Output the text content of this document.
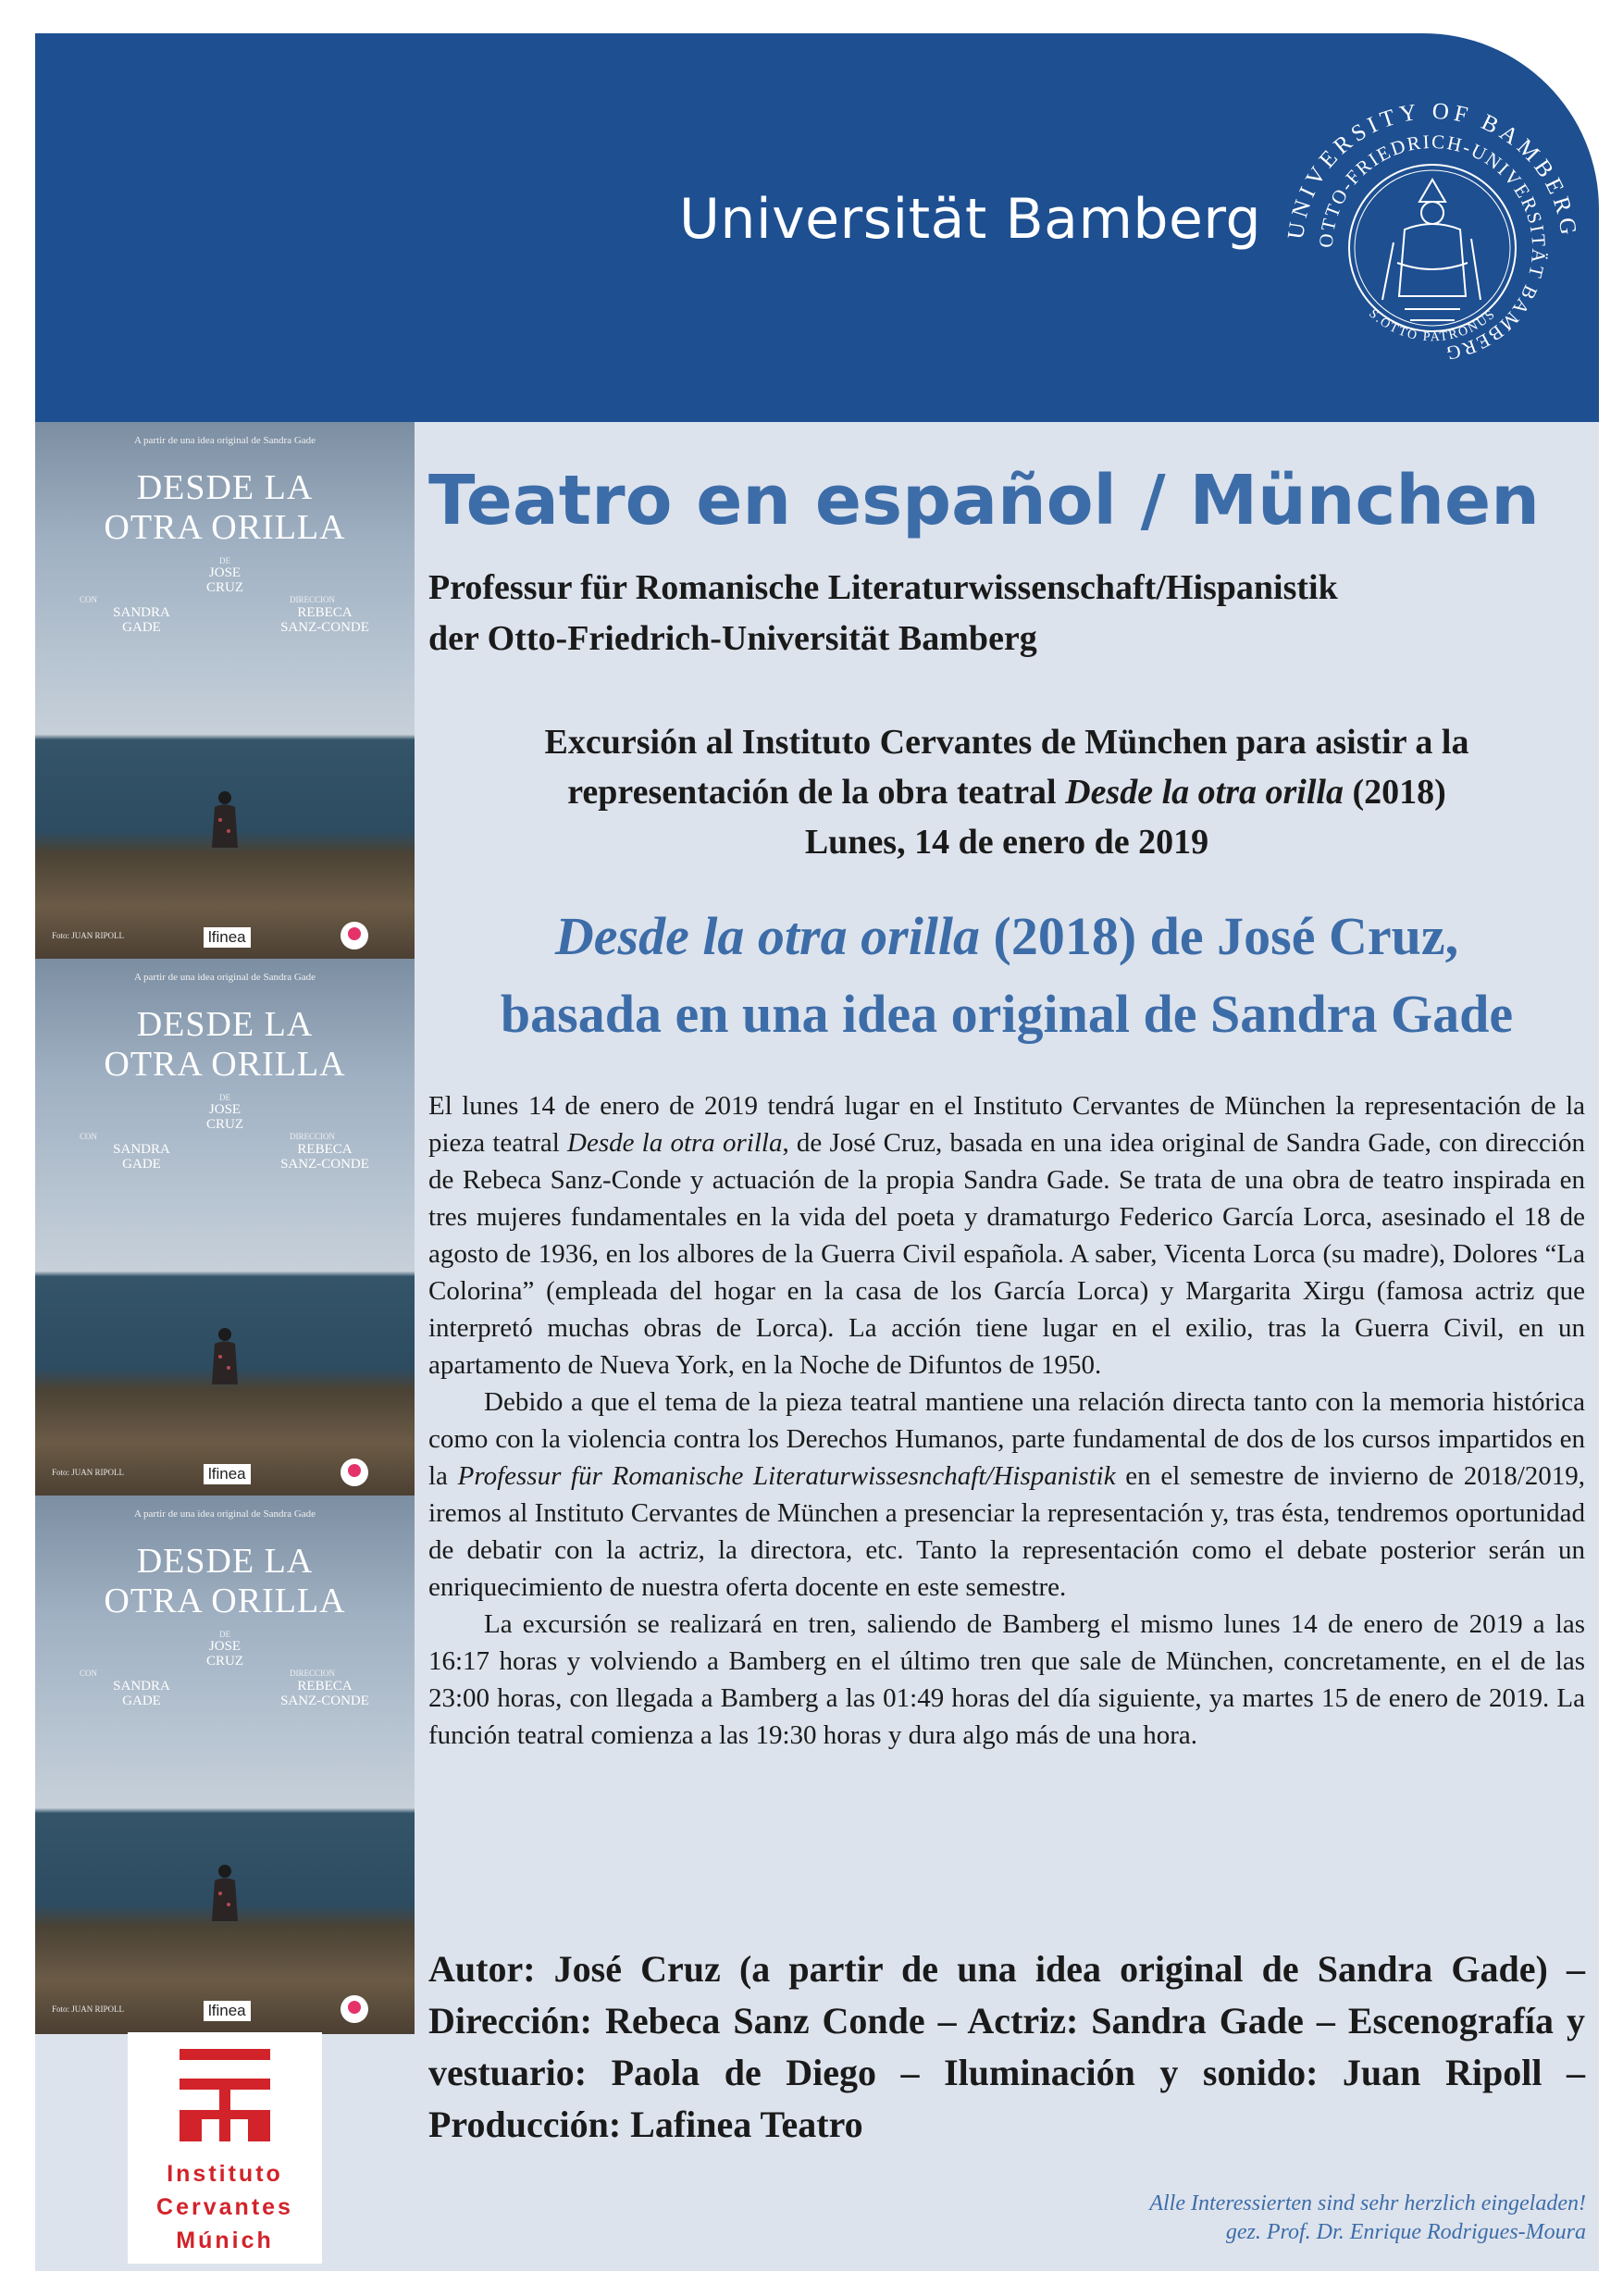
Universität Bamberg UNIVERSITY OF BAMBERG
OTTO-FRIEDRICH-UNIVERSITÄT BAMBERG
S.OTTO PATRONUS
A partir de una idea original de Sandra Gade
DESDE LA
OTRA ORILLA
DE
JOSE
CRUZ
CON
SANDRA
GADE
DIRECCION
REBECA
SANZ-CONDE
Foto: JUAN RIPOLL	lfinea
A partir de una idea original de Sandra Gade
DESDE LA
OTRA ORILLA
DE
JOSE
CRUZ
CON
SANDRA
GADE
DIRECCION
REBECA
SANZ-CONDE
Foto: JUAN RIPOLL	lfinea
A partir de una idea original de Sandra Gade
DESDE LA
OTRA ORILLA
DE
JOSE
CRUZ
CON
SANDRA
GADE
DIRECCION
REBECA
SANZ-CONDE
Foto: JUAN RIPOLL	lfinea
Instituto
Cervantes
Múnich
Teatro en español / München
Professur für Romanische Literaturwissenschaft/Hispanistik
der Otto-Friedrich-Universität Bamberg
Excursión al Instituto Cervantes de München para asistir a la
representación de la obra teatral Desde la otra orilla (2018)
Lunes, 14 de enero de 2019
Desde la otra orilla (2018) de José Cruz,
basada en una idea original de Sandra Gade

El lunes 14 de enero de 2019 tendrá lugar en el Instituto Cervantes de München la representación de la pieza teatral Desde la otra orilla, de José Cruz, basada en una idea original de Sandra Gade, con dirección de Rebeca Sanz-Conde y actuación de la propia Sandra Gade. Se trata de una obra de teatro inspirada en tres mujeres fundamentales en la vida del poeta y dramaturgo Federico García Lorca, asesinado el 18 de agosto de 1936, en los albores de la Guerra Civil española. A saber, Vicenta Lorca (su madre), Dolores “La Colorina” (empleada del hogar en la casa de los García Lorca) y Margarita Xirgu (famosa actriz que interpretó muchas obras de Lorca). La acción tiene lugar en el exilio, tras la Guerra Civil, en un apartamento de Nueva York, en la Noche de Difuntos de 1950.

Debido a que el tema de la pieza teatral mantiene una relación directa tanto con la memoria histórica como con la violencia contra los Derechos Humanos, parte fundamental de dos de los cursos impartidos en la Professur für Romanische Literaturwissesnchaft/Hispanistik en el semestre de invierno de 2018/2019, iremos al Instituto Cervantes de München a presenciar la representación y, tras ésta, tendremos oportunidad de debatir con la actriz, la directora, etc. Tanto la representación como el debate posterior serán un enriquecimiento de nuestra oferta docente en este semestre.

La excursión se realizará en tren, saliendo de Bamberg el mismo lunes 14 de enero de 2019 a las 16:17 horas y volviendo a Bamberg en el último tren que sale de München, concretamente, en el de las 23:00 horas, con llegada a Bamberg a las 01:49 horas del día siguiente, ya martes 15 de enero de 2019. La función teatral comienza a las 19:30 horas y dura algo más de una hora.

Autor: José Cruz (a partir de una idea original de Sandra Gade) – Dirección: Rebeca Sanz Conde – Actriz: Sandra Gade – Escenografía y vestuario: Paola de Diego – Iluminación y sonido: Juan Ripoll – Producción: Lafinea Teatro
Alle Interessierten sind sehr herzlich eingeladen!
gez. Prof. Dr. Enrique Rodrigues-Moura
